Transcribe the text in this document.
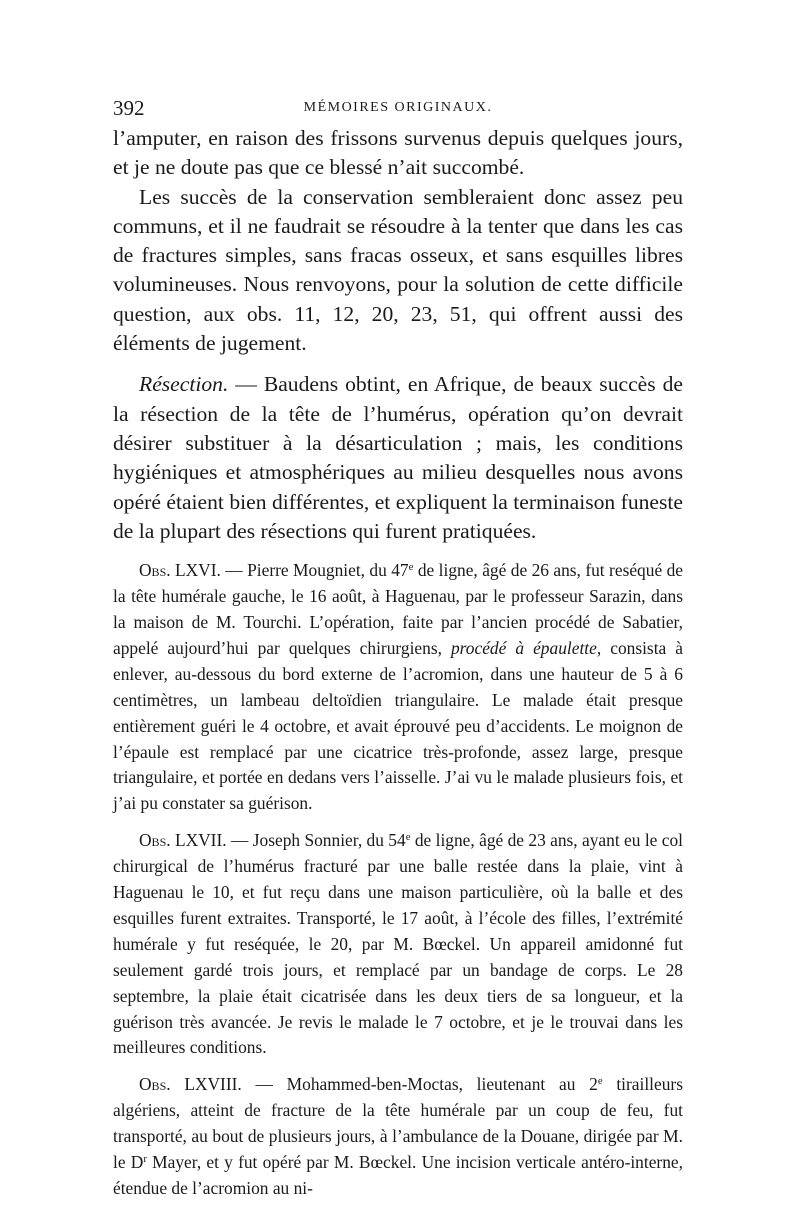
392	MÉMOIRES ORIGINAUX.

l’amputer, en raison des frissons survenus depuis quelques jours, et je ne doute pas que ce blessé n’ait succombé.

Les succès de la conservation sembleraient donc assez peu communs, et il ne faudrait se résoudre à la tenter que dans les cas de fractures simples, sans fracas osseux, et sans esquilles libres volumineuses. Nous renvoyons, pour la solution de cette difficile question, aux obs. 11, 12, 20, 23, 51, qui offrent aussi des éléments de jugement.

Résection. — Baudens obtint, en Afrique, de beaux succès de la résection de la tête de l’humérus, opération qu’on devrait désirer substituer à la désarticulation ; mais, les conditions hygiéniques et atmosphériques au milieu desquelles nous avons opéré étaient bien différentes, et expliquent la terminaison funeste de la plupart des résections qui furent pratiquées.

Obs. LXVI. — Pierre Mougniet, du 47e de ligne, âgé de 26 ans, fut reséqué de la tête humérale gauche, le 16 août, à Haguenau, par le professeur Sarazin, dans la maison de M. Tourchi. L’opération, faite par l’ancien procédé de Sabatier, appelé aujourd’hui par quelques chirurgiens, procédé à épaulette, consista à enlever, au-dessous du bord externe de l’acromion, dans une hauteur de 5 à 6 centimètres, un lambeau deltoïdien triangulaire. Le malade était presque entièrement guéri le 4 octobre, et avait éprouvé peu d’accidents. Le moignon de l’épaule est remplacé par une cicatrice très-profonde, assez large, presque triangulaire, et portée en dedans vers l’aisselle. J’ai vu le malade plusieurs fois, et j’ai pu constater sa guérison.

Obs. LXVII. — Joseph Sonnier, du 54e de ligne, âgé de 23 ans, ayant eu le col chirurgical de l’humérus fracturé par une balle restée dans la plaie, vint à Haguenau le 10, et fut reçu dans une maison particulière, où la balle et des esquilles furent extraites. Transporté, le 17 août, à l’école des filles, l’extrémité humérale y fut reséquée, le 20, par M. Bœckel. Un appareil amidonné fut seulement gardé trois jours, et remplacé par un bandage de corps. Le 28 septembre, la plaie était cicatrisée dans les deux tiers de sa longueur, et la guérison très avancée. Je revis le malade le 7 octobre, et je le trouvai dans les meilleures conditions.

Obs. LXVIII. — Mohammed-ben-Moctas, lieutenant au 2e tirailleurs algériens, atteint de fracture de la tête humérale par un coup de feu, fut transporté, au bout de plusieurs jours, à l’ambulance de la Douane, dirigée par M. le $D^r$ Mayer, et y fut opéré par M. Bœckel. Une incision verticale antéro-interne, étendue de l’acromion au ni-
